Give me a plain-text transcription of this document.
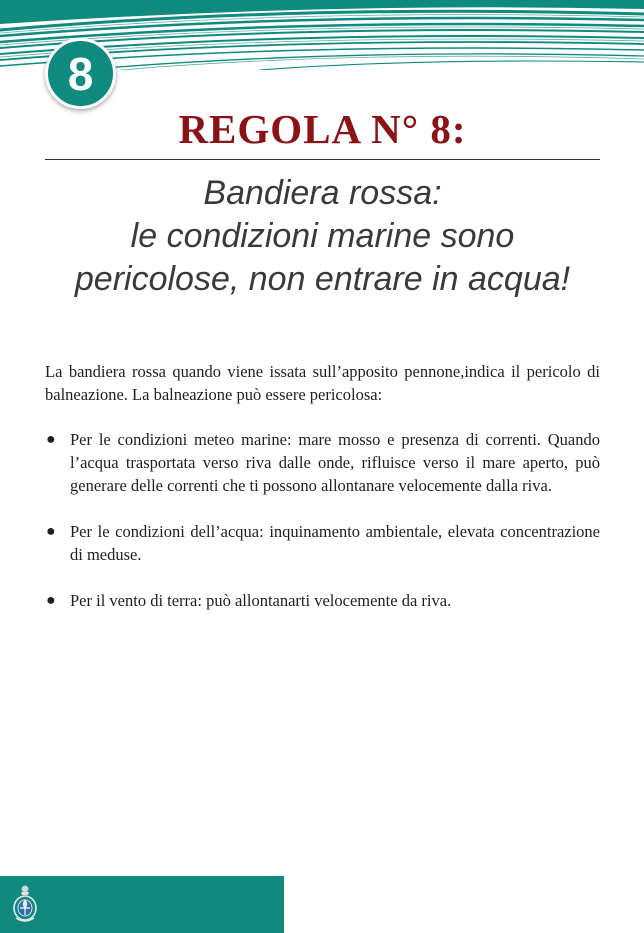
8
REGOLA N° 8:
Bandiera rossa:
le condizioni marine sono
pericolose, non entrare in acqua!

La bandiera rossa quando viene issata sull’apposito pennone,indica il pericolo di balneazione. La balneazione può essere pericolosa:

● Per le condizioni meteo marine: mare mosso e presenza di correnti. Quando l’acqua trasportata verso riva dalle onde, rifluisce verso il mare aperto, può generare delle correnti che ti possono allontanare velocemente dalla riva.
● Per le condizioni dell’acqua: inquinamento ambientale, elevata concentrazione di meduse.
● Per il vento di terra: può allontanarti velocemente da riva.
